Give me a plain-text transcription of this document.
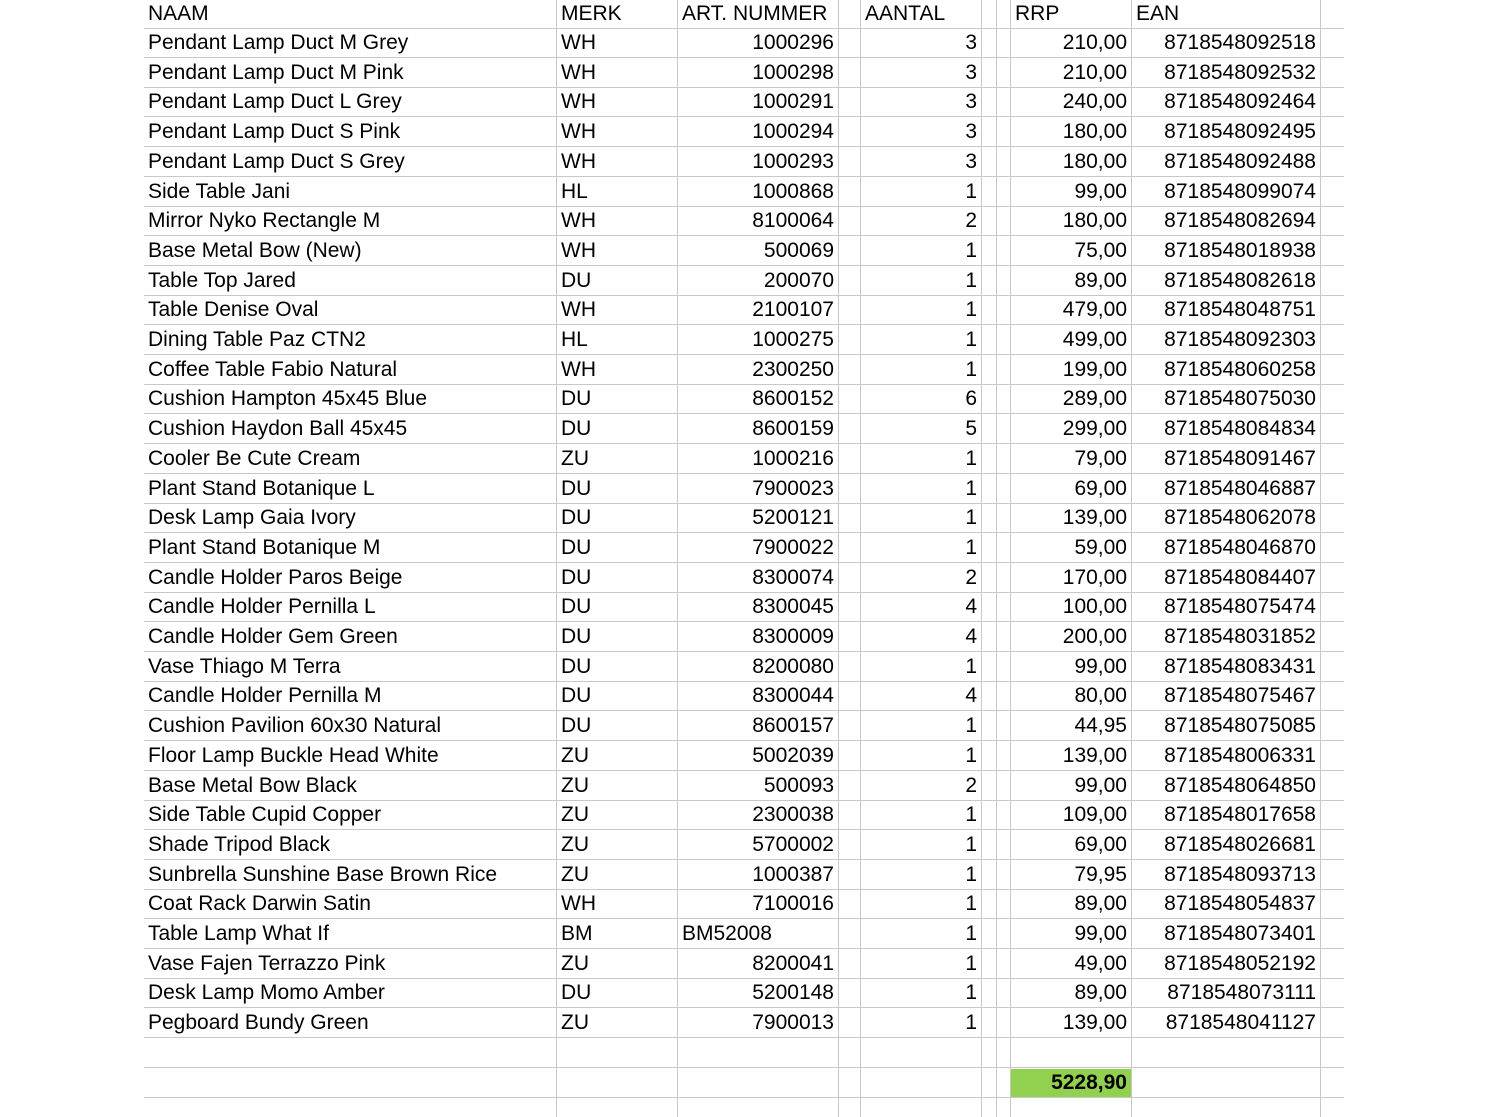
NAAM	MERK	ART. NUMMER	AANTAL	RRP	EAN
Pendant Lamp Duct M Grey	WH	1000296	3	210,00	8718548092518
Pendant Lamp Duct M Pink	WH	1000298	3	210,00	8718548092532
Pendant Lamp Duct L Grey	WH	1000291	3	240,00	8718548092464
Pendant Lamp Duct S Pink	WH	1000294	3	180,00	8718548092495
Pendant Lamp Duct S Grey	WH	1000293	3	180,00	8718548092488
Side Table Jani	HL	1000868	1	99,00	8718548099074
Mirror Nyko Rectangle M	WH	8100064	2	180,00	8718548082694
Base Metal Bow (New)	WH	500069	1	75,00	8718548018938
Table Top Jared	DU	200070	1	89,00	8718548082618
Table Denise Oval	WH	2100107	1	479,00	8718548048751
Dining Table Paz CTN2	HL	1000275	1	499,00	8718548092303
Coffee Table Fabio Natural	WH	2300250	1	199,00	8718548060258
Cushion Hampton 45x45 Blue	DU	8600152	6	289,00	8718548075030
Cushion Haydon Ball 45x45	DU	8600159	5	299,00	8718548084834
Cooler Be Cute Cream	ZU	1000216	1	79,00	8718548091467
Plant Stand Botanique L	DU	7900023	1	69,00	8718548046887
Desk Lamp Gaia Ivory	DU	5200121	1	139,00	8718548062078
Plant Stand Botanique M	DU	7900022	1	59,00	8718548046870
Candle Holder Paros Beige	DU	8300074	2	170,00	8718548084407
Candle Holder Pernilla L	DU	8300045	4	100,00	8718548075474
Candle Holder Gem Green	DU	8300009	4	200,00	8718548031852
Vase Thiago M Terra	DU	8200080	1	99,00	8718548083431
Candle Holder Pernilla M	DU	8300044	4	80,00	8718548075467
Cushion Pavilion 60x30 Natural	DU	8600157	1	44,95	8718548075085
Floor Lamp Buckle Head White	ZU	5002039	1	139,00	8718548006331
Base Metal Bow Black	ZU	500093	2	99,00	8718548064850
Side Table Cupid Copper	ZU	2300038	1	109,00	8718548017658
Shade Tripod Black	ZU	5700002	1	69,00	8718548026681
Sunbrella Sunshine Base Brown Rice	ZU	1000387	1	79,95	8718548093713
Coat Rack Darwin Satin	WH	7100016	1	89,00	8718548054837
Table Lamp What If	BM	BM52008	1	99,00	8718548073401
Vase Fajen Terrazzo Pink	ZU	8200041	1	49,00	8718548052192
Desk Lamp Momo Amber	DU	5200148	1	89,00	8718548073111
Pegboard Bundy Green	ZU	7900013	1	139,00	8718548041127
5228,90
